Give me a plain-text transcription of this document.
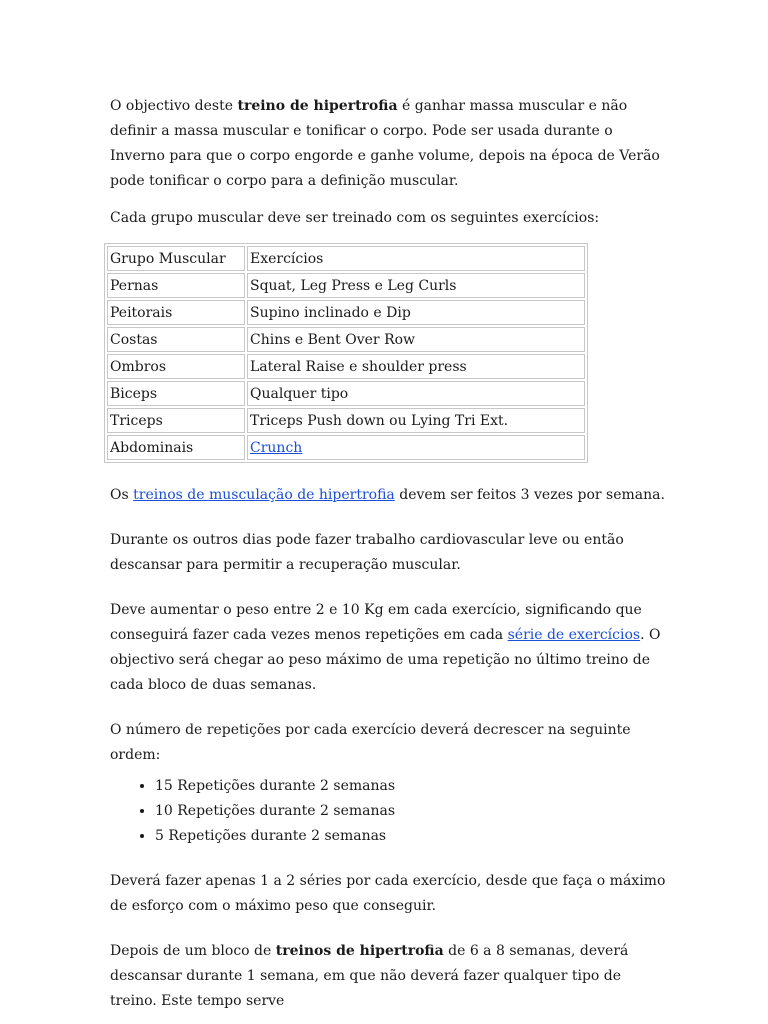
O objectivo deste treino de hipertrofia é ganhar massa muscular e não definir a massa muscular e tonificar o corpo. Pode ser usada durante o Inverno para que o corpo engorde e ganhe volume, depois na época de Verão pode tonificar o corpo para a definição muscular.

Cada grupo muscular deve ser treinado com os seguintes exercícios:

Grupo Muscular	Exercícios
Pernas	Squat, Leg Press e Leg Curls
Peitorais	Supino inclinado e Dip
Costas	Chins e Bent Over Row
Ombros	Lateral Raise e shoulder press
Biceps	Qualquer tipo
Triceps	Triceps Push down ou Lying Tri Ext.
Abdominais	Crunch

Os treinos de musculação de hipertrofia devem ser feitos 3 vezes por semana.

Durante os outros dias pode fazer trabalho cardiovascular leve ou então descansar para permitir a recuperação muscular.

Deve aumentar o peso entre 2 e 10 Kg em cada exercício, significando que conseguirá fazer cada vezes menos repetições em cada série de exercícios. O objectivo será chegar ao peso máximo de uma repetição no último treino de cada bloco de duas semanas.

O número de repetições por cada exercício deverá decrescer na seguinte ordem:

• 15 Repetições durante 2 semanas
• 10 Repetições durante 2 semanas
• 5 Repetições durante 2 semanas

Deverá fazer apenas 1 a 2 séries por cada exercício, desde que faça o máximo de esforço com o máximo peso que conseguir.

Depois de um bloco de treinos de hipertrofia de 6 a 8 semanas, deverá descansar durante 1 semana, em que não deverá fazer qualquer tipo de treino. Este tempo serve
